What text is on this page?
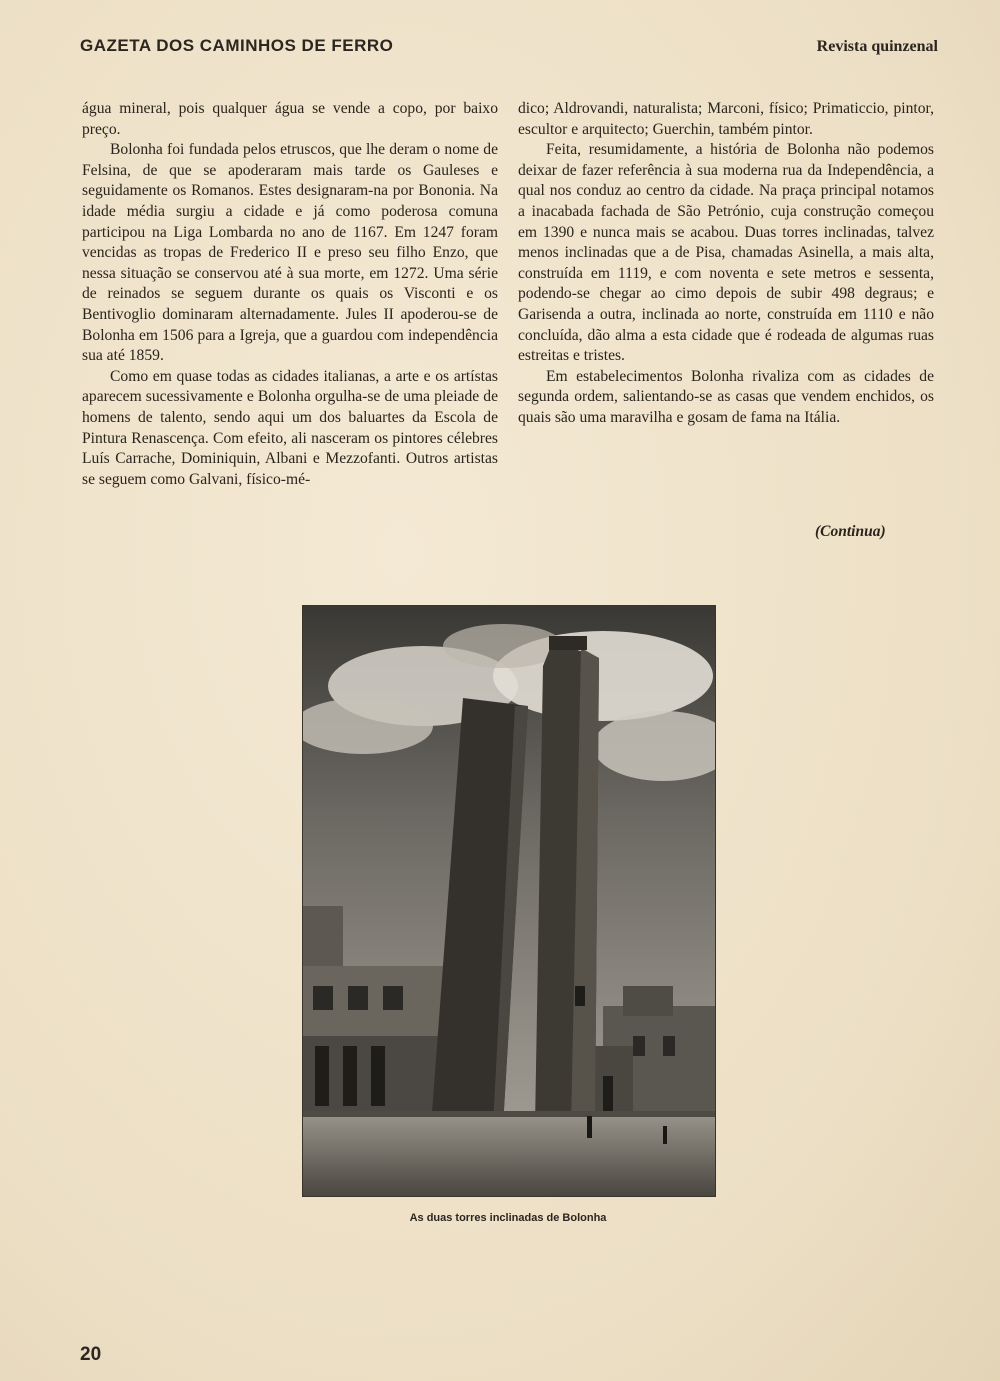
GAZETA DOS CAMINHOS DE FERRO	Revista quinzenal

água mineral, pois qualquer água se vende a copo, por baixo preço.

Bolonha foi fundada pelos etruscos, que lhe deram o nome de Felsina, de que se apoderaram mais tarde os Gauleses e seguidamente os Romanos. Estes designaram-na por Bononia. Na idade média surgiu a cidade e já como poderosa comuna participou na Liga Lombarda no ano de 1167. Em 1247 foram vencidas as tropas de Frederico II e preso seu filho Enzo, que nessa situação se conservou até à sua morte, em 1272. Uma série de reinados se seguem durante os quais os Visconti e os Bentivoglio dominaram alternadamente. Jules II apoderou-se de Bolonha em 1506 para a Igreja, que a guardou com independência sua até 1859.

Como em quase todas as cidades italianas, a arte e os artístas aparecem sucessivamente e Bolonha orgulha-se de uma pleiade de homens de talento, sendo aqui um dos baluartes da Escola de Pintura Renascença. Com efeito, ali nasceram os pintores célebres Luís Carrache, Dominiquin, Albani e Mezzofanti. Outros artistas se seguem como Galvani, físico-mé-

dico; Aldrovandi, naturalista; Marconi, físico; Primaticcio, pintor, escultor e arquitecto; Guerchin, também pintor.

Feita, resumidamente, a história de Bolonha não podemos deixar de fazer referência à sua moderna rua da Independência, a qual nos conduz ao centro da cidade. Na praça principal notamos a inacabada fachada de São Petrónio, cuja construção começou em 1390 e nunca mais se acabou. Duas torres inclinadas, talvez menos inclinadas que a de Pisa, chamadas Asinella, a mais alta, construída em 1119, e com noventa e sete metros e sessenta, podendo-se chegar ao cimo depois de subir 498 degraus; e Garisenda a outra, inclinada ao norte, construída em 1110 e não concluída, dão alma a esta cidade que é rodeada de algumas ruas estreitas e tristes.

Em estabelecimentos Bolonha rivaliza com as cidades de segunda ordem, salientando-se as casas que vendem enchidos, os quais são uma maravilha e gosam de fama na Itália.

(Continua)
As duas torres inclinadas de Bolonha
20
